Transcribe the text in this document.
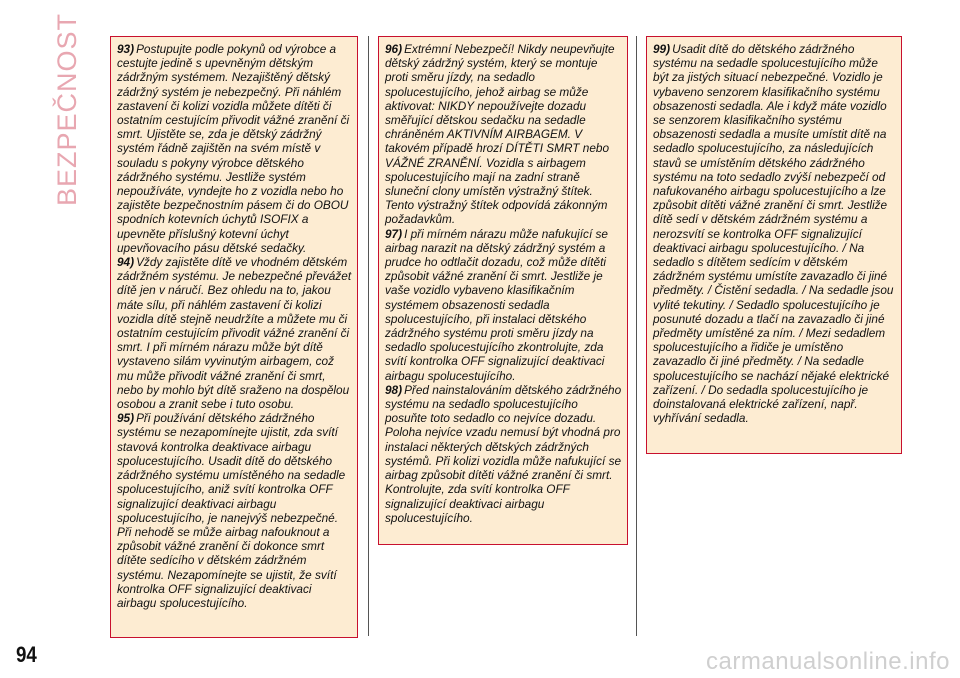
BEZPEČNOST	93) Postupujte podle pokynů od výrobce a cestujte jedině s upevněným dětským zádržným systémem. Nezajištěný dětský zádržný systém je nebezpečný. Při náhlém zastavení či kolizi vozidla můžete dítěti či ostatním cestujícím přivodit vážné zranění či smrt. Ujistěte se, zda je dětský zádržný systém řádně zajištěn na svém místě v souladu s pokyny výrobce dětského zádržného systému. Jestliže systém nepoužíváte, vyndejte ho z vozidla nebo ho zajistěte bezpečnostním pásem či do OBOU spodních kotevních úchytů ISOFIX a upevněte příslušný kotevní úchyt upevňovacího pásu dětské sedačky.

94) Vždy zajistěte dítě ve vhodném dětském zádržném systému. Je nebezpečné převážet dítě jen v náručí. Bez ohledu na to, jakou máte sílu, při náhlém zastavení či kolizi vozidla dítě stejně neudržíte a můžete mu či ostatním cestujícím přivodit vážné zranění či smrt. I při mírném nárazu může být dítě vystaveno silám vyvinutým airbagem, což mu může přivodit vážné zranění či smrt, nebo by mohlo být dítě sraženo na dospělou osobou a zranit sebe i tuto osobu.

95) Při používání dětského zádržného systému se nezapomínejte ujistit, zda svítí stavová kontrolka deaktivace airbagu spolucestujícího. Usadit dítě do dětského zádržného systému umístěného na sedadle spolucestujícího, aniž svítí kontrolka OFF signalizující deaktivaci airbagu spolucestujícího, je nanejvýš nebezpečné. Při nehodě se může airbag nafouknout a způsobit vážné zranění či dokonce smrt dítěte sedícího v dětském zádržném systému. Nezapomínejte se ujistit, že svítí kontrolka OFF signalizující deaktivaci airbagu spolucestujícího.

96) Extrémní Nebezpečí! Nikdy neupevňujte dětský zádržný systém, který se montuje proti směru jízdy, na sedadlo spolucestujícího, jehož airbag se může aktivovat: NIKDY nepoužívejte dozadu směřující dětskou sedačku na sedadle chráněném AKTIVNÍM AIRBAGEM. V takovém případě hrozí DÍTĚTI SMRT nebo VÁŽNÉ ZRANĚNÍ. Vozidla s airbagem spolucestujícího mají na zadní straně sluneční clony umístěn výstražný štítek. Tento výstražný štítek odpovídá zákonným požadavkům.

97) I při mírném nárazu může nafukující se airbag narazit na dětský zádržný systém a prudce ho odtlačit dozadu, což může dítěti způsobit vážné zranění či smrt. Jestliže je vaše vozidlo vybaveno klasifikačním systémem obsazenosti sedadla spolucestujícího, při instalaci dětského zádržného systému proti směru jízdy na sedadlo spolucestujícího zkontrolujte, zda svítí kontrolka OFF signalizující deaktivaci airbagu spolucestujícího.

98) Před nainstalováním dětského zádržného systému na sedadlo spolucestujícího posuňte toto sedadlo co nejvíce dozadu. Poloha nejvíce vzadu nemusí být vhodná pro instalaci některých dětských zádržných systémů. Při kolizi vozidla může nafukující se airbag způsobit dítěti vážné zranění či smrt. Kontrolujte, zda svítí kontrolka OFF signalizující deaktivaci airbagu spolucestujícího.

99) Usadit dítě do dětského zádržného systému na sedadle spolucestujícího může být za jistých situací nebezpečné. Vozidlo je vybaveno senzorem klasifikačního systému obsazenosti sedadla. Ale i když máte vozidlo se senzorem klasifikačního systému obsazenosti sedadla a musíte umístit dítě na sedadlo spolucestujícího, za následujících stavů se umístěním dětského zádržného systému na toto sedadlo zvýší nebezpečí od nafukovaného airbagu spolucestujícího a lze způsobit dítěti vážné zranění či smrt. Jestliže dítě sedí v dětském zádržném systému a nerozsvítí se kontrolka OFF signalizující deaktivaci airbagu spolucestujícího. / Na sedadlo s dítětem sedícím v dětském zádržném systému umístíte zavazadlo či jiné předměty. / Čistění sedadla. / Na sedadle jsou vylité tekutiny. / Sedadlo spolucestujícího je posunuté dozadu a tlačí na zavazadlo či jiné předměty umístěné za ním. / Mezi sedadlem spolucestujícího a řidiče je umístěno zavazadlo či jiné předměty. / Na sedadle spolucestujícího se nachází nějaké elektrické zařízení. / Do sedadla spolucestujícího je doinstalovaná elektrické zařízení, např. vyhřívání sedadla.

94	carmanualsonline.info
